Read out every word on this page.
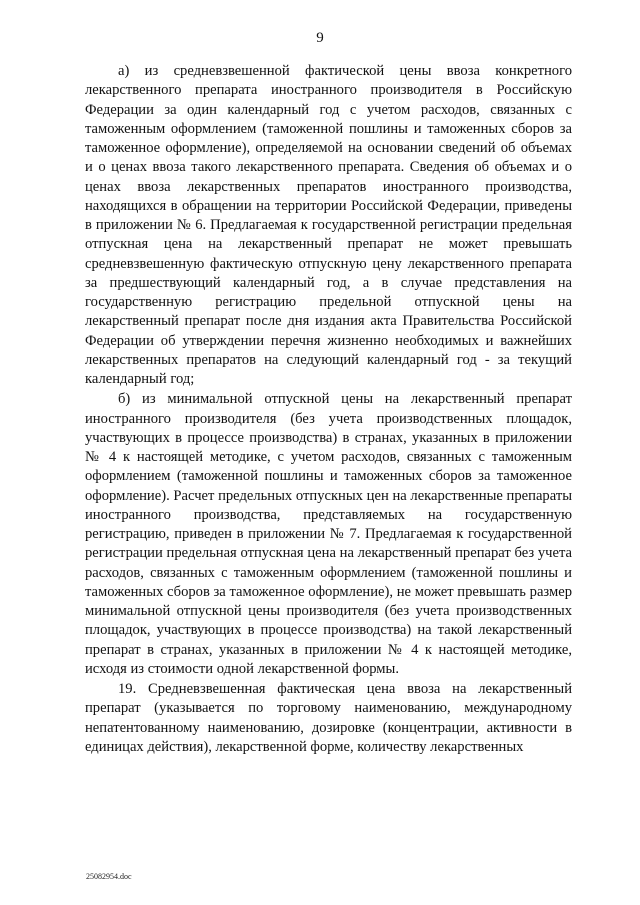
9

а) из средневзвешенной фактической цены ввоза конкретного лекарственного препарата иностранного производителя в Российскую Федерации за один календарный год с учетом расходов, связанных с таможенным оформлением (таможенной пошлины и таможенных сборов за таможенное оформление), определяемой на основании сведений об объемах и о ценах ввоза такого лекарственного препарата. Сведения об объемах и о ценах ввоза лекарственных препаратов иностранного производства, находящихся в обращении на территории Российской Федерации, приведены в приложении № 6. Предлагаемая к государственной регистрации предельная отпускная цена на лекарственный препарат не может превышать средневзвешенную фактическую отпускную цену лекарственного препарата за предшествующий календарный год, а в случае представления на государственную регистрацию предельной отпускной цены на лекарственный препарат после дня издания акта Правительства Российской Федерации об утверждении перечня жизненно необходимых и важнейших лекарственных препаратов на следующий календарный год - за текущий календарный год;

б) из минимальной отпускной цены на лекарственный препарат иностранного производителя (без учета производственных площадок, участвующих в процессе производства) в странах, указанных в приложении № 4 к настоящей методике, с учетом расходов, связанных с таможенным оформлением (таможенной пошлины и таможенных сборов за таможенное оформление). Расчет предельных отпускных цен на лекарственные препараты иностранного производства, представляемых на государственную регистрацию, приведен в приложении № 7. Предлагаемая к государственной регистрации предельная отпускная цена на лекарственный препарат без учета расходов, связанных с таможенным оформлением (таможенной пошлины и таможенных сборов за таможенное оформление), не может превышать размер минимальной отпускной цены производителя (без учета производственных площадок, участвующих в процессе производства) на такой лекарственный препарат в странах, указанных в приложении № 4 к настоящей методике, исходя из стоимости одной лекарственной формы.

19. Средневзвешенная фактическая цена ввоза на лекарственный препарат (указывается по торговому наименованию, международному непатентованному наименованию, дозировке (концентрации, активности в единицах действия), лекарственной форме, количеству лекарственных

25082954.doc
